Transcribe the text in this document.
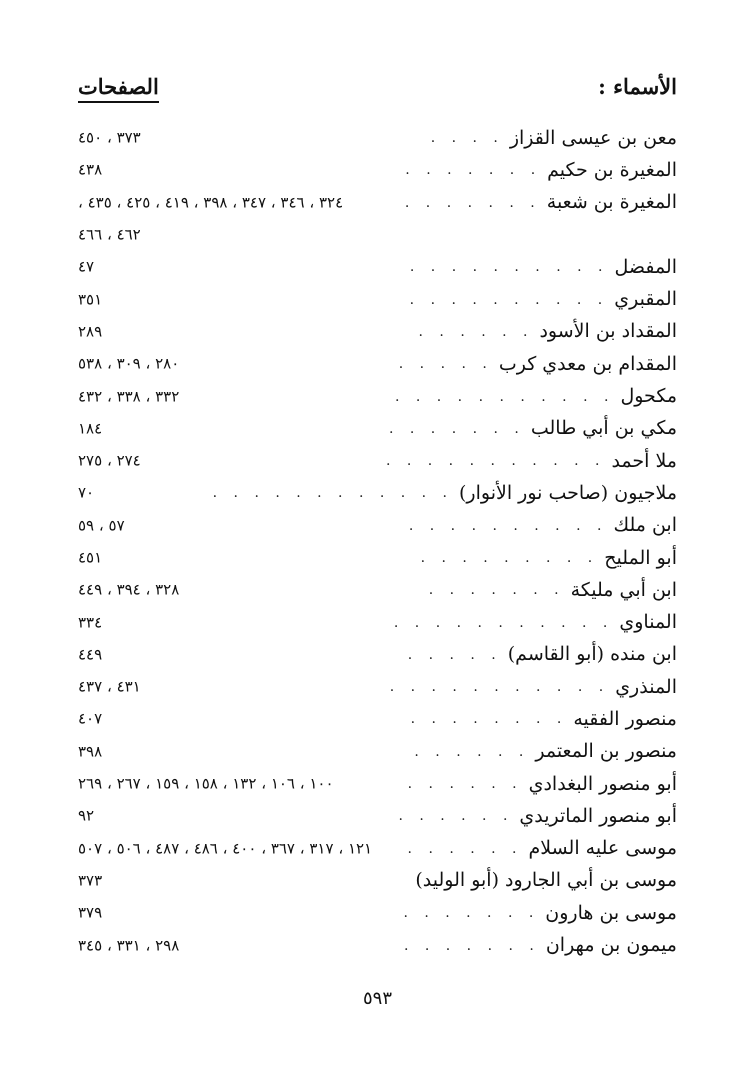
الأسماء :
الصفحات
معن بن عيسى القزاز
. . . .
٣٧٣ ، ٤٥٠
المغيرة بن حكيم
. . . . . . .
٤٣٨
المغيرة بن شعبة
. . . . . . .
٣٢٤ ، ٣٤٦ ، ٣٤٧ ، ٣٩٨ ، ٤١٩ ، ٤٢٥ ، ٤٣٥ ،
٤٦٢ ، ٤٦٦
المفضل
. . . . . . . . . .
٤٧
المقبري
. . . . . . . . . .
٣٥١
المقداد بن الأسود
. . . . . .
٢٨٩
المقدام بن معدي كرب
. . . . .
٢٨٠ ، ٣٠٩ ، ٥٣٨
مكحول
. . . . . . . . . . .
٣٣٢ ، ٣٣٨ ، ٤٣٢
مكي بن أبي طالب
. . . . . . .
١٨٤
ملا أحمد
. . . . . . . . . . .
٢٧٤ ، ٢٧٥
ملاجيون (صاحب نور الأنوار)
. . . . . . . . . . . .
٧٠
ابن ملك
. . . . . . . . . .
٥٧ ، ٥٩
أبو المليح
. . . . . . . . .
٤٥١
ابن أبي مليكة
. . . . . . .
٣٢٨ ، ٣٩٤ ، ٤٤٩
المناوي
. . . . . . . . . . .
٣٣٤
ابن منده (أبو القاسم)
. . . . .
٤٤٩
المنذري
. . . . . . . . . . .
٤٣١ ، ٤٣٧
منصور الفقيه
. . . . . . . .
٤٠٧
منصور بن المعتمر
. . . . . .
٣٩٨
أبو منصور البغدادي
. . . . . .
١٠٠ ، ١٠٦ ، ١٣٢ ، ١٥٨ ، ١٥٩ ، ٢٦٧ ، ٢٦٩
أبو منصور الماتريدي
. . . . . .
٩٢
موسى عليه السلام
. . . . . .
١٢١ ، ٣١٧ ، ٣٦٧ ، ٤٠٠ ، ٤٨٦ ، ٤٨٧ ، ٥٠٦ ، ٥٠٧
موسى بن أبي الجارود (أبو الوليد)
٣٧٣
موسى بن هارون
. . . . . . .
٣٧٩
ميمون بن مهران
. . . . . . .
٢٩٨ ، ٣٣١ ، ٣٤٥
٥٩٣
